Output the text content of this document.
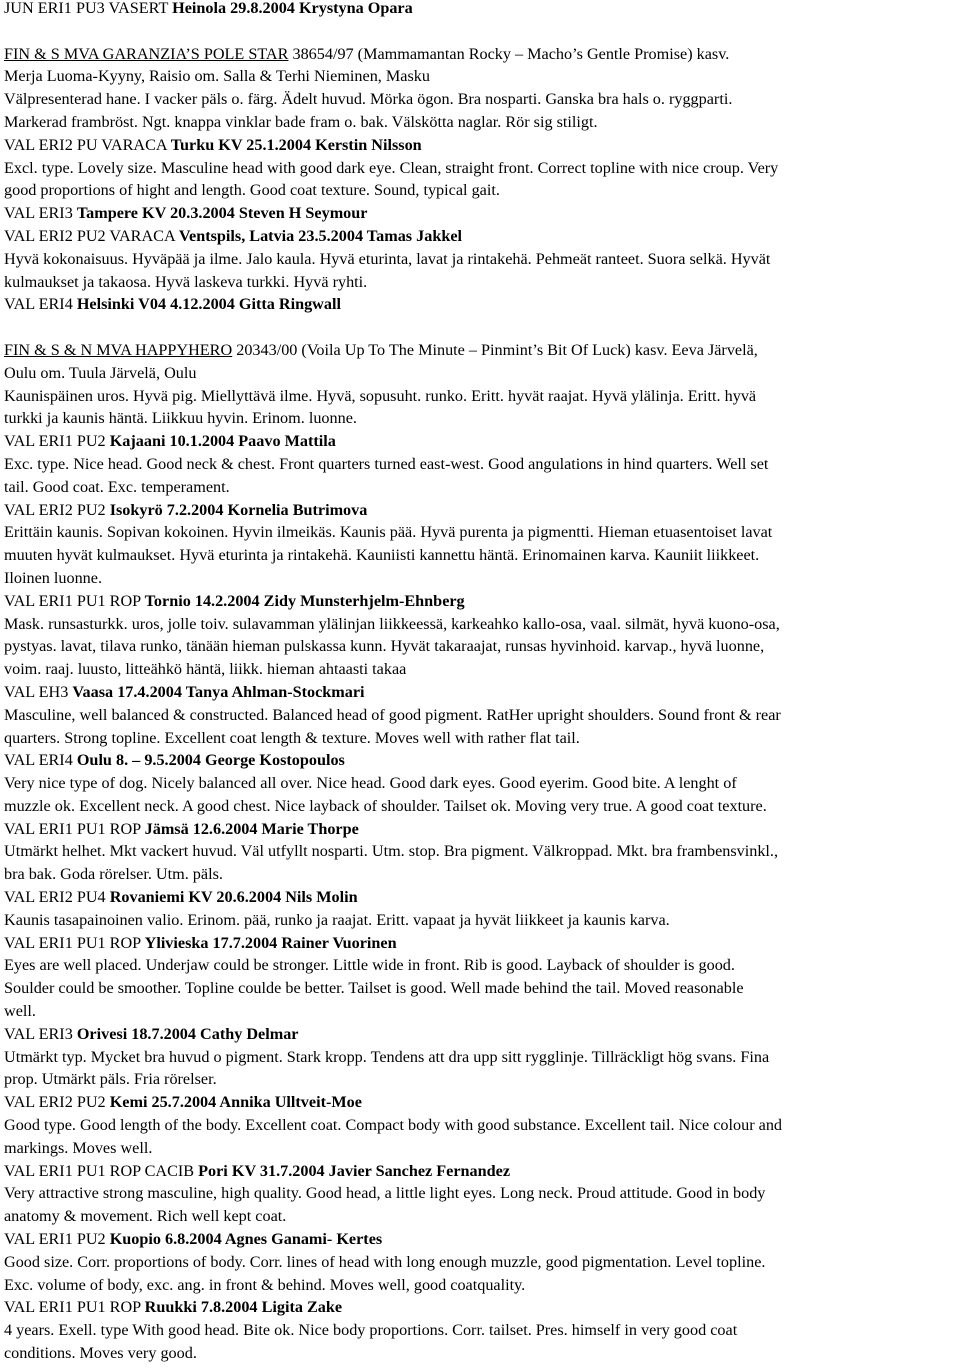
JUN ERI1 PU3 VASERT Heinola 29.8.2004 Krystyna Opara
FIN & S MVA GARANZIA’S POLE STAR 38654/97 (Mammamantan Rocky – Macho’s Gentle Promise) kasv.
Merja Luoma-Kyyny, Raisio om. Salla & Terhi Nieminen, Masku
Välpresenterad hane. I vacker päls o. färg. Ädelt huvud. Mörka ögon. Bra nosparti. Ganska bra hals o. ryggparti.
Markerad frambröst. Ngt. knappa vinklar bade fram o. bak. Välskötta naglar. Rör sig stiligt.
VAL ERI2 PU VARACA Turku KV 25.1.2004 Kerstin Nilsson
Excl. type. Lovely size. Masculine head with good dark eye. Clean, straight front. Correct topline with nice croup. Very
good proportions of hight and length. Good coat texture. Sound, typical gait.
VAL ERI3 Tampere KV 20.3.2004 Steven H Seymour
VAL ERI2 PU2 VARACA Ventspils, Latvia 23.5.2004 Tamas Jakkel
Hyvä kokonaisuus. Hyväpää ja ilme. Jalo kaula. Hyvä eturinta, lavat ja rintakehä. Pehmeät ranteet. Suora selkä. Hyvät
kulmaukset ja takaosa. Hyvä laskeva turkki. Hyvä ryhti.
VAL ERI4 Helsinki V04 4.12.2004 Gitta Ringwall
FIN & S & N MVA HAPPYHERO 20343/00 (Voila Up To The Minute – Pinmint’s Bit Of Luck) kasv. Eeva Järvelä,
Oulu om. Tuula Järvelä, Oulu
Kaunispäinen uros. Hyvä pig. Miellyttävä ilme. Hyvä, sopusuht. runko. Eritt. hyvät raajat. Hyvä ylälinja. Eritt. hyvä
turkki ja kaunis häntä. Liikkuu hyvin. Erinom. luonne.
VAL ERI1 PU2 Kajaani 10.1.2004 Paavo Mattila
Exc. type. Nice head. Good neck & chest. Front quarters turned east-west. Good angulations in hind quarters. Well set
tail. Good coat. Exc. temperament.
VAL ERI2 PU2 Isokyrö 7.2.2004 Kornelia Butrimova
Erittäin kaunis. Sopivan kokoinen. Hyvin ilmeikäs. Kaunis pää. Hyvä purenta ja pigmentti. Hieman etuasentoiset lavat
muuten hyvät kulmaukset. Hyvä eturinta ja rintakehä. Kauniisti kannettu häntä. Erinomainen karva. Kauniit liikkeet.
Iloinen luonne.
VAL ERI1 PU1 ROP Tornio 14.2.2004 Zidy Munsterhjelm-Ehnberg
Mask. runsasturkk. uros, jolle toiv. sulavamman ylälinjan liikkeessä, karkeahko kallo-osa, vaal. silmät, hyvä kuono-osa,
pystyas. lavat, tilava runko, tänään hieman pulskassa kunn. Hyvät takaraajat, runsas hyvinhoid. karvap., hyvä luonne,
voim. raaj. luusto, litteähkö häntä, liikk. hieman ahtaasti takaa
VAL EH3 Vaasa 17.4.2004 Tanya Ahlman-Stockmari
Masculine, well balanced & constructed. Balanced head of good pigment. RatHer upright shoulders. Sound front & rear
quarters. Strong topline. Excellent coat length & texture. Moves well with rather flat tail.
VAL ERI4 Oulu 8. – 9.5.2004 George Kostopoulos
Very nice type of dog. Nicely balanced all over. Nice head. Good dark eyes. Good eyerim. Good bite. A lenght of
muzzle ok. Excellent neck. A good chest. Nice layback of shoulder. Tailset ok. Moving very true. A good coat texture.
VAL ERI1 PU1 ROP Jämsä 12.6.2004 Marie Thorpe
Utmärkt helhet. Mkt vackert huvud. Väl utfyllt nosparti. Utm. stop. Bra pigment. Välkroppad. Mkt. bra frambensvinkl.,
bra bak. Goda rörelser. Utm. päls.
VAL ERI2 PU4 Rovaniemi KV 20.6.2004 Nils Molin
Kaunis tasapainoinen valio. Erinom. pää, runko ja raajat. Eritt. vapaat ja hyvät liikkeet ja kaunis karva.
VAL ERI1 PU1 ROP Ylivieska 17.7.2004 Rainer Vuorinen
Eyes are well placed. Underjaw could be stronger. Little wide in front. Rib is good. Layback of shoulder is good.
Soulder could be smoother. Topline coulde be better. Tailset is good. Well made behind the tail. Moved reasonable
well.
VAL ERI3 Orivesi 18.7.2004 Cathy Delmar
Utmärkt typ. Mycket bra huvud o pigment. Stark kropp. Tendens att dra upp sitt rygglinje. Tillräckligt hög svans. Fina
prop. Utmärkt päls. Fria rörelser.
VAL ERI2 PU2 Kemi 25.7.2004 Annika Ulltveit-Moe
Good type. Good length of the body. Excellent coat. Compact body with good substance. Excellent tail. Nice colour and
markings. Moves well.
VAL ERI1 PU1 ROP CACIB Pori KV 31.7.2004 Javier Sanchez Fernandez
Very attractive strong masculine, high quality. Good head, a little light eyes. Long neck. Proud attitude. Good in body
anatomy & movement. Rich well kept coat.
VAL ERI1 PU2 Kuopio 6.8.2004 Agnes Ganami- Kertes
Good size. Corr. proportions of body. Corr. lines of head with long enough muzzle, good pigmentation. Level topline.
Exc. volume of body, exc. ang. in front & behind. Moves well, good coatquality.
VAL ERI1 PU1 ROP Ruukki 7.8.2004 Ligita Zake
4 years. Exell. type With good head. Bite ok. Nice body proportions. Corr. tailset. Pres. himself in very good coat
conditions. Moves very good.
